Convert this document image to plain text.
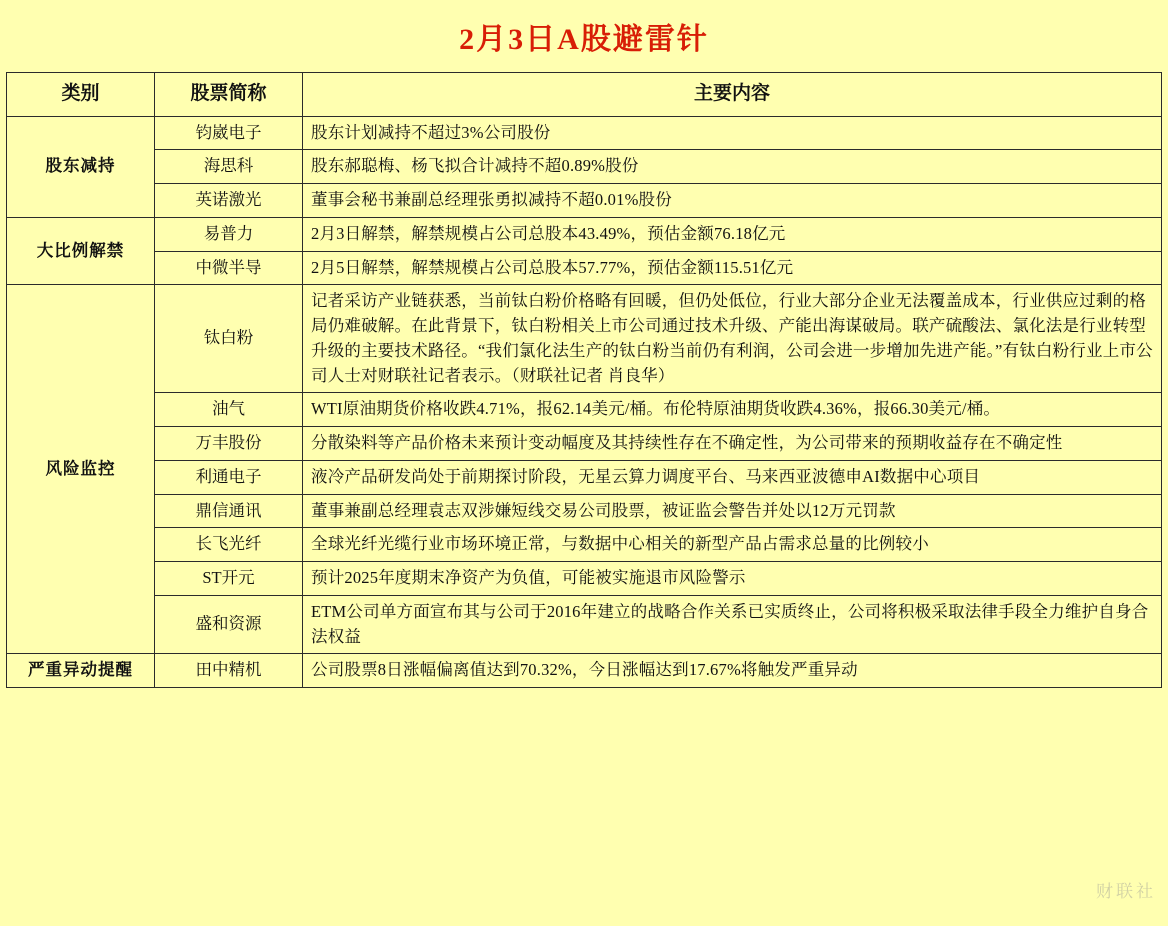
2月3日A股避雷针
类别	股票简称	主要内容
股东减持	钧崴电子	股东计划减持不超过3%公司股份
	海思科	股东郝聪梅、杨飞拟合计减持不超0.89%股份
	英诺激光	董事会秘书兼副总经理张勇拟减持不超0.01%股份
大比例解禁	易普力	2月3日解禁，解禁规模占公司总股本43.49%，预估金额76.18亿元
	中微半导	2月5日解禁，解禁规模占公司总股本57.77%，预估金额115.51亿元
风险监控	钛白粉	记者采访产业链获悉，当前钛白粉价格略有回暖，但仍处低位，行业大部分企业无法覆盖成本，行业供应过剩的格局仍难破解。在此背景下，钛白粉相关上市公司通过技术升级、产能出海谋破局。联产硫酸法、氯化法是行业转型升级的主要技术路径。“我们氯化法生产的钛白粉当前仍有利润，公司会进一步增加先进产能。”有钛白粉行业上市公司人士对财联社记者表示。（财联社记者 肖良华）
	油气	WTI原油期货价格收跌4.71%，报62.14美元/桶。布伦特原油期货收跌4.36%，报66.30美元/桶。
	万丰股份	分散染料等产品价格未来预计变动幅度及其持续性存在不确定性，为公司带来的预期收益存在不确定性
	利通电子	液冷产品研发尚处于前期探讨阶段，无星云算力调度平台、马来西亚波德申AI数据中心项目
	鼎信通讯	董事兼副总经理袁志双涉嫌短线交易公司股票，被证监会警告并处以12万元罚款
	长飞光纤	全球光纤光缆行业市场环境正常，与数据中心相关的新型产品占需求总量的比例较小
	ST开元	预计2025年度期末净资产为负值，可能被实施退市风险警示
	盛和资源	ETM公司单方面宣布其与公司于2016年建立的战略合作关系已实质终止，公司将积极采取法律手段全力维护自身合法权益
严重异动提醒	田中精机	公司股票8日涨幅偏离值达到70.32%，今日涨幅达到17.67%将触发严重异动
财联社
